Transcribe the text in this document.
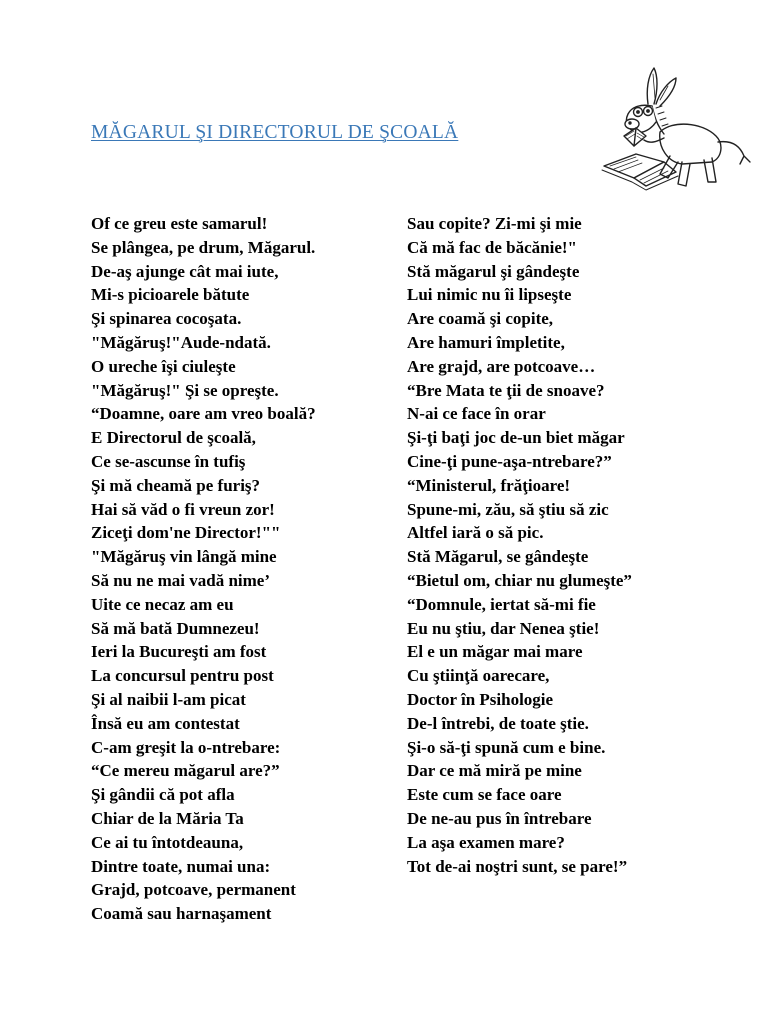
MĂGARUL ŞI DIRECTORUL DE ŞCOALĂ
Of ce greu este samarul!
Se plângea, pe drum, Măgarul.
De-aş ajunge cât mai iute,
Mi-s picioarele bătute
Şi spinarea cocoşata.
"Măgăruş!"Aude-ndată.
O ureche îşi ciuleşte
"Măgăruş!" Şi se opreşte.
“Doamne, oare am vreo boală?
E Directorul de şcoală,
Ce se-ascunse în tufiş
Şi mă cheamă pe furiş?
Hai să văd o fi vreun zor!
Ziceţi dom'ne Director!""
"Măgăruş vin lângă mine
Să nu ne mai vadă nime’
Uite ce necaz am eu
Să mă bată Dumnezeu!
Ieri la Bucureşti am fost
La concursul pentru post
Şi al naibii l-am picat
Însă eu am contestat
C-am greşit la o-ntrebare:
“Ce mereu măgarul are?”
Şi gândii că pot afla
Chiar de la Măria Ta
Ce ai tu întotdeauna,
Dintre toate, numai una:
Grajd, potcoave, permanent
Coamă sau harnaşament
Sau copite? Zi-mi şi mie
Că mă fac de băcănie!"
Stă măgarul şi gândeşte
Lui nimic nu îi lipseşte
Are coamă şi copite,
Are hamuri împletite,
Are grajd, are potcoave…
“Bre Mata te ţii de snoave?
N-ai ce face în orar
Şi-ţi baţi joc de-un biet măgar
Cine-ţi pune-aşa-ntrebare?”
“Ministerul, frăţioare!
Spune-mi, zău, să ştiu să zic
Altfel iară o să pic.
Stă Măgarul, se gândeşte
“Bietul om, chiar nu glumeşte”
“Domnule, iertat să-mi fie
Eu nu ştiu, dar Nenea ştie!
El e un măgar mai mare
Cu ştiinţă oarecare,
Doctor în Psihologie
De-l întrebi, de toate ştie.
Şi-o să-ţi spună cum e bine.
Dar ce mă miră pe mine
Este cum se face oare
De ne-au pus în întrebare
La aşa examen mare?
Tot de-ai noştri sunt, se pare!”
